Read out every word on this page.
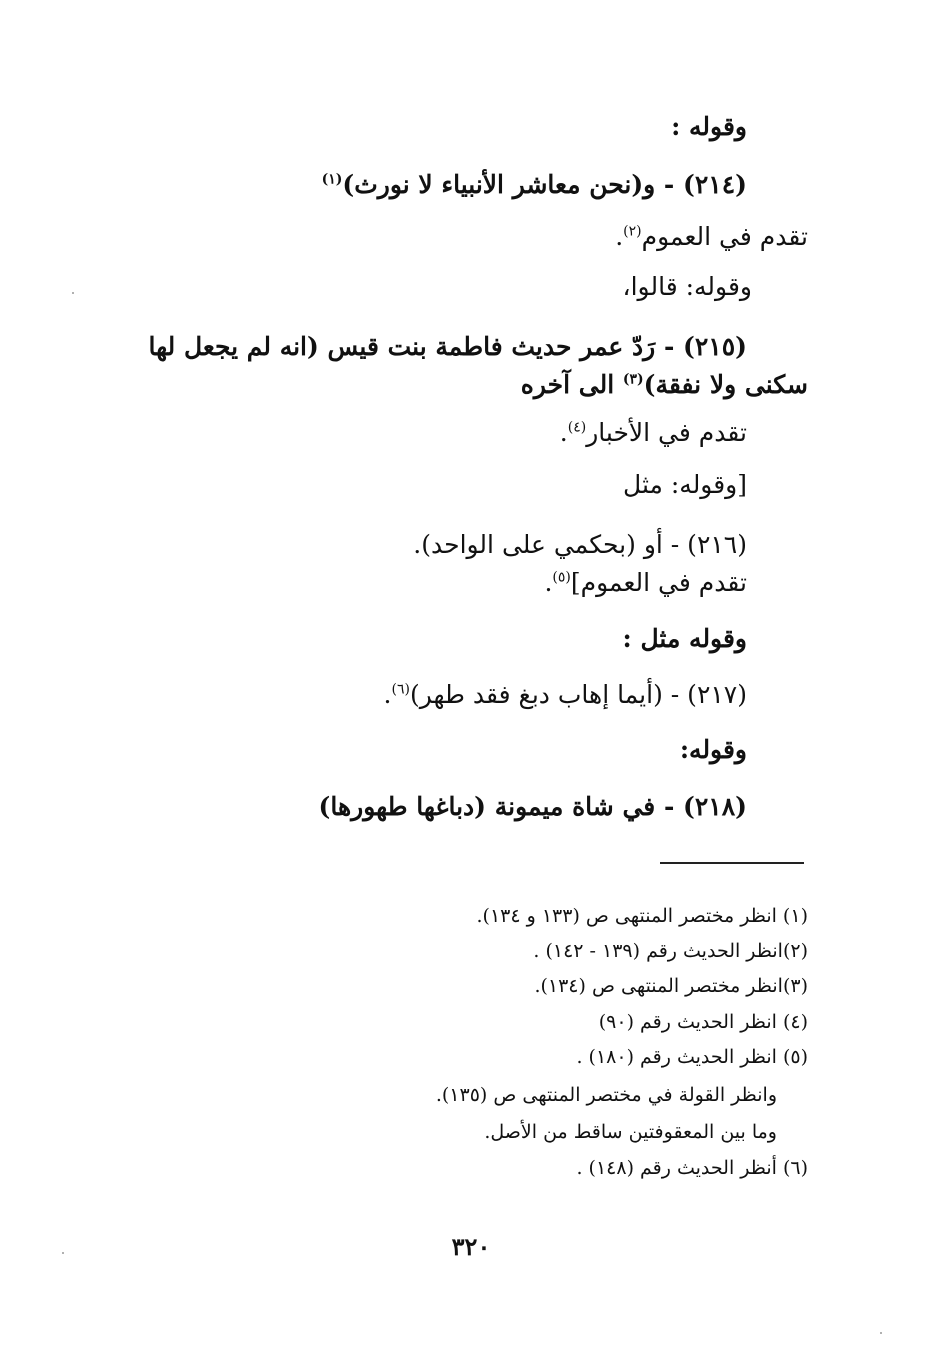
وقوله :
(٢١٤) - و(نحن معاشر الأنبياء لا نورث)$^{(١)}$
تقدم في العموم$^{(٢)}$.
وقوله: قالوا،
(٢١٥) - رَدّ عمر حديث فاطمة بنت قيس (انه لم يجعل لها
سكنى ولا نفقة)$^{(٣)}$ الى آخره
تقدم في الأخبار$^{(٤)}$.
[وقوله: مثل
(٢١٦) - أو (بحكمي على الواحد).
تقدم في العموم]$^{(٥)}$.
وقوله مثل :
(٢١٧) - (أيما إهاب دبغ فقد طهر)$^{(٦)}$.
وقوله:
(٢١٨) - في شاة ميمونة (دباغها طهورها)
(١) انظر مختصر المنتهى ص (١٣٣ و ١٣٤).
(٢)انظر الحديث رقم (١٣٩ - ١٤٢) .
(٣)انظر مختصر المنتهى ص (١٣٤).
(٤) انظر الحديث رقم (٩٠)
(٥) انظر الحديث رقم (١٨٠) .
وانظر القولة في مختصر المنتهى ص (١٣٥).
وما بين المعقوفتين ساقط من الأصل.
(٦) أنظر الحديث رقم (١٤٨) .
٣٢٠
